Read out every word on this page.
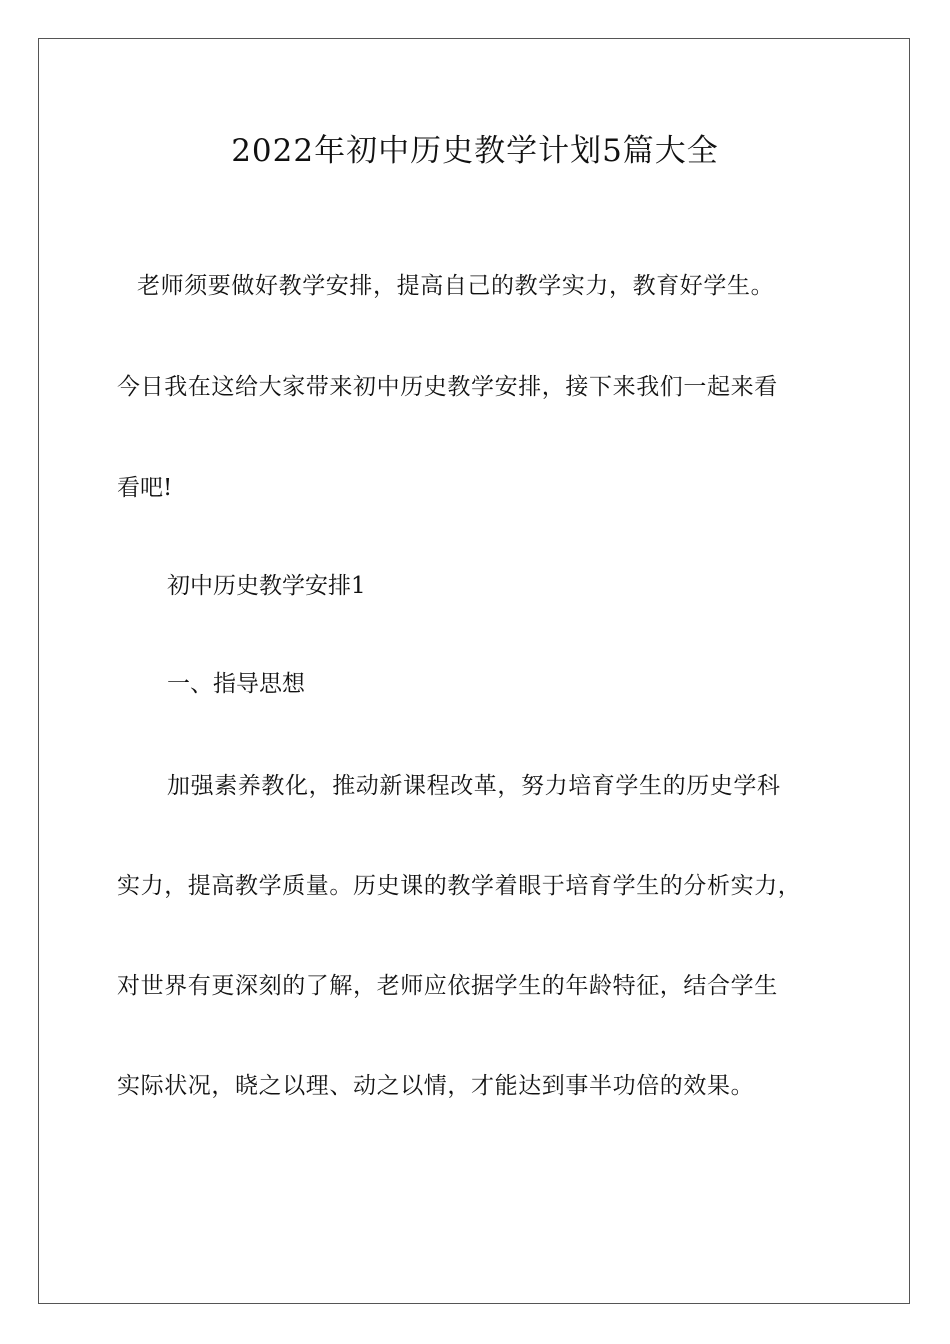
2022年初中历史教学计划5篇大全

老师须要做好教学安排，提高自己的教学实力，教育好学生。

今日我在这给大家带来初中历史教学安排，接下来我们一起来看

看吧!

初中历史教学安排1

一、指导思想

加强素养教化，推动新课程改革，努力培育学生的历史学科

实力，提高教学质量。历史课的教学着眼于培育学生的分析实力，

对世界有更深刻的了解，老师应依据学生的年龄特征，结合学生

实际状况，晓之以理、动之以情，才能达到事半功倍的效果。
